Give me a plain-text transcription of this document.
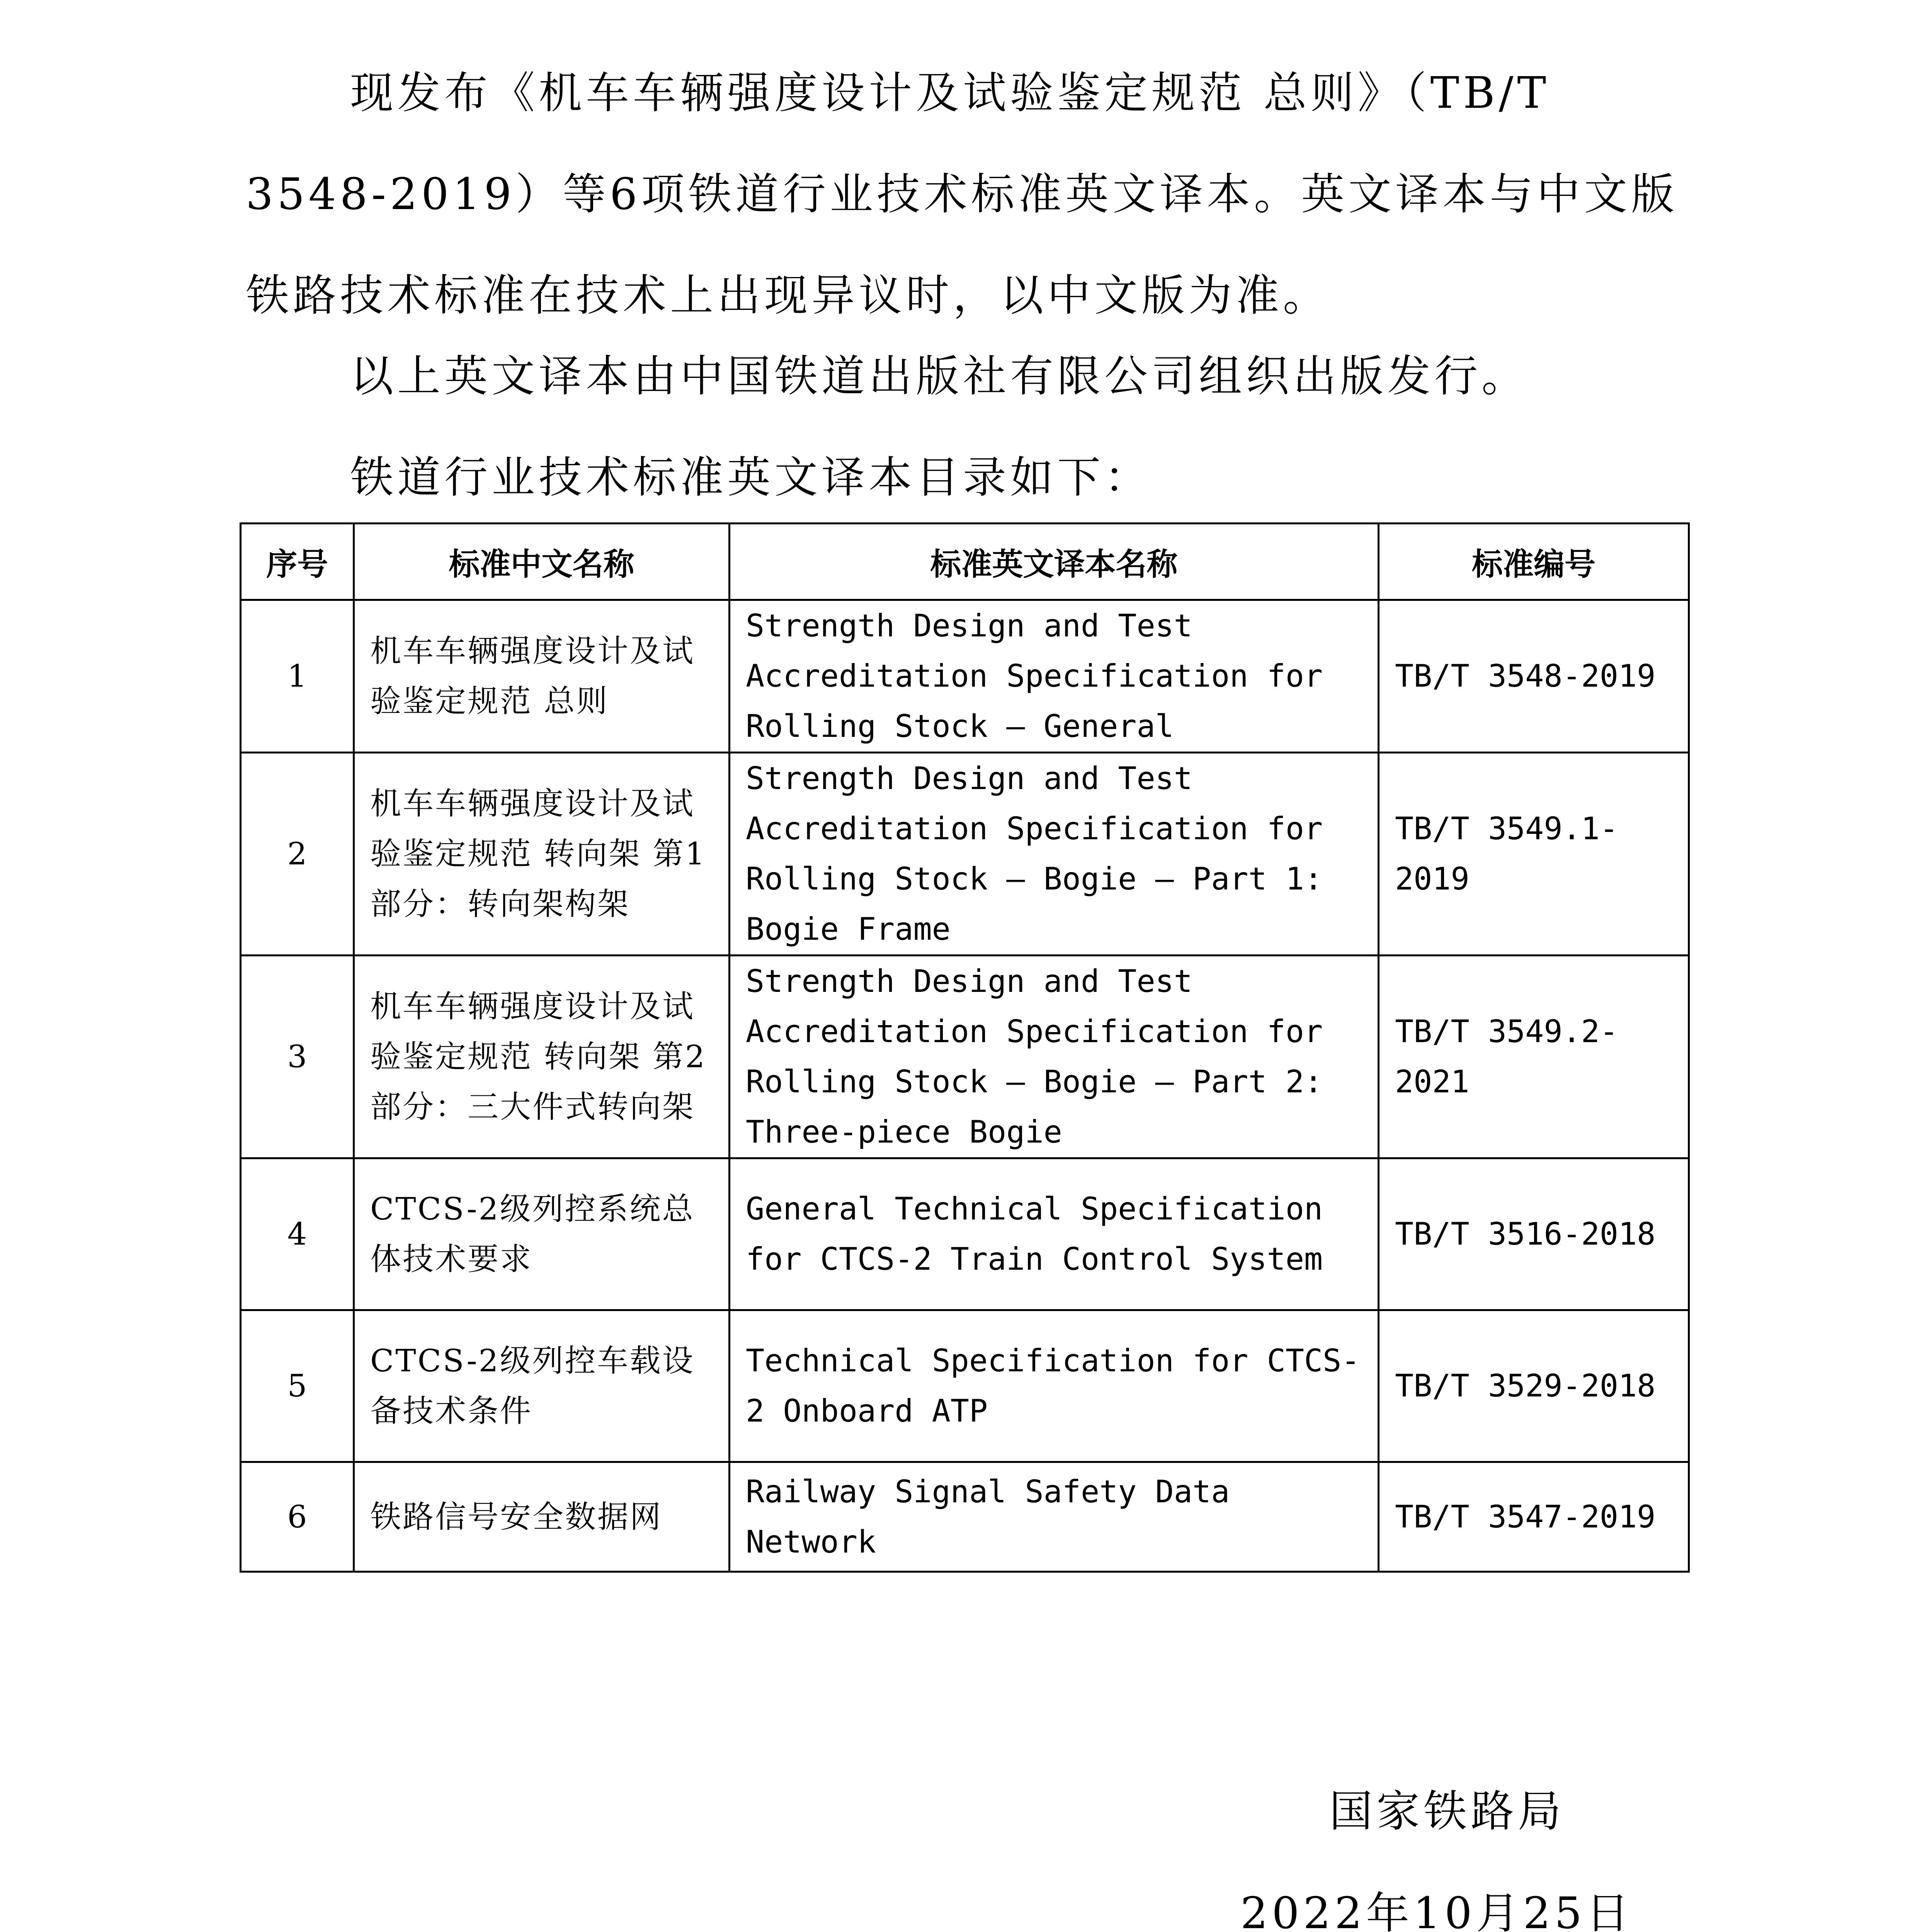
现发布《机车车辆强度设计及试验鉴定规范 总则》（TB/T 3548-2019）等6项铁道行业技术标准英文译本。英文译本与中文版铁路技术标准在技术上出现异议时，以中文版为准。

以上英文译本由中国铁道出版社有限公司组织出版发行。

铁道行业技术标准英文译本目录如下：

序号	标准中文名称	标准英文译本名称	标准编号
1	机车车辆强度设计及试验鉴定规范 总则	Strength Design and Test Accreditation Specification for Rolling Stock — General	TB/T 3548-2019
2	机车车辆强度设计及试验鉴定规范 转向架 第1部分：转向架构架	Strength Design and Test Accreditation Specification for Rolling Stock — Bogie — Part 1: Bogie Frame	TB/T 3549.1-2019
3	机车车辆强度设计及试验鉴定规范 转向架 第2部分：三大件式转向架	Strength Design and Test Accreditation Specification for Rolling Stock — Bogie — Part 2: Three-piece Bogie	TB/T 3549.2-2021
4	CTCS-2级列控系统总体技术要求	General Technical Specification for CTCS-2 Train Control System	TB/T 3516-2018
5	CTCS-2级列控车载设备技术条件	Technical Specification for CTCS-2 Onboard ATP	TB/T 3529-2018
6	铁路信号安全数据网	Railway Signal Safety Data Network	TB/T 3547-2019
国家铁路局
2022年10月25日
